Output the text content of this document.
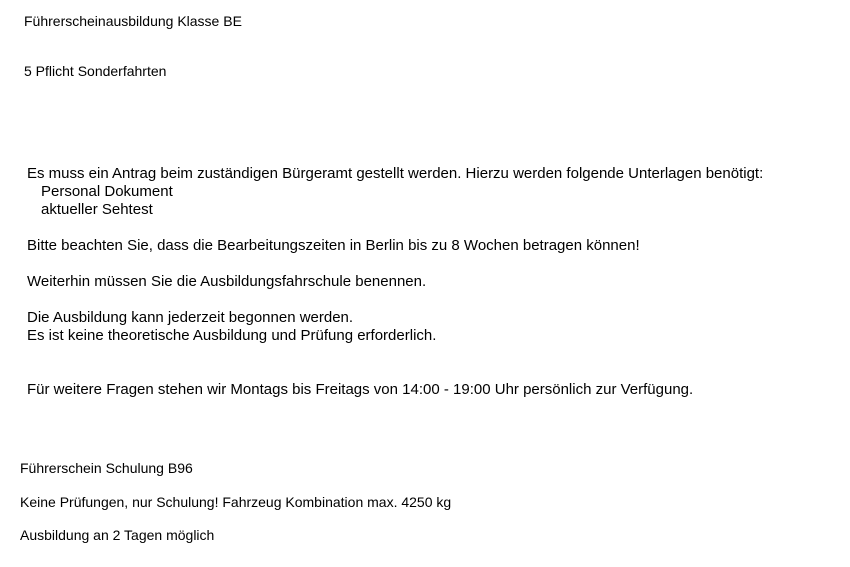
Führerscheinausbildung Klasse BE
5 Pflicht Sonderfahrten
Es muss ein Antrag beim zuständigen Bürgeramt gestellt werden. Hierzu werden folgende Unterlagen benötigt:
Personal Dokument
aktueller Sehtest
Bitte beachten Sie, dass die Bearbeitungszeiten in Berlin bis zu 8 Wochen betragen können!
Weiterhin müssen Sie die Ausbildungsfahrschule benennen.
Die Ausbildung kann jederzeit begonnen werden.
Es ist keine theoretische Ausbildung und Prüfung erforderlich.
Für weitere Fragen stehen wir Montags bis Freitags von 14:00 - 19:00 Uhr persönlich zur Verfügung.
Führerschein Schulung B96
Keine Prüfungen, nur Schulung! Fahrzeug Kombination max. 4250 kg
Ausbildung an 2 Tagen möglich
